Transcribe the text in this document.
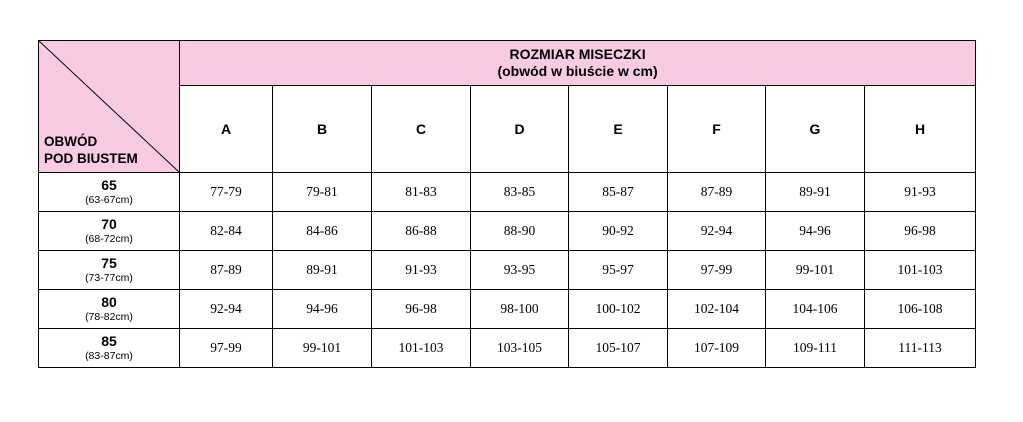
OBWÓD
POD BIUSTEM	ROZMIAR MISECZKI
(obwód w biuście w cm)							

	A	B	C	D	E	F	G	H

65
(63-67cm)	77-79	79-81	81-83	83-85	85-87	87-89	89-91	91-93

70
(68-72cm)	82-84	84-86	86-88	88-90	90-92	92-94	94-96	96-98

75
(73-77cm)	87-89	89-91	91-93	93-95	95-97	97-99	99-101	101-103

80
(78-82cm)	92-94	94-96	96-98	98-100	100-102	102-104	104-106	106-108

85
(83-87cm)	97-99	99-101	101-103	103-105	105-107	107-109	109-111	111-113
